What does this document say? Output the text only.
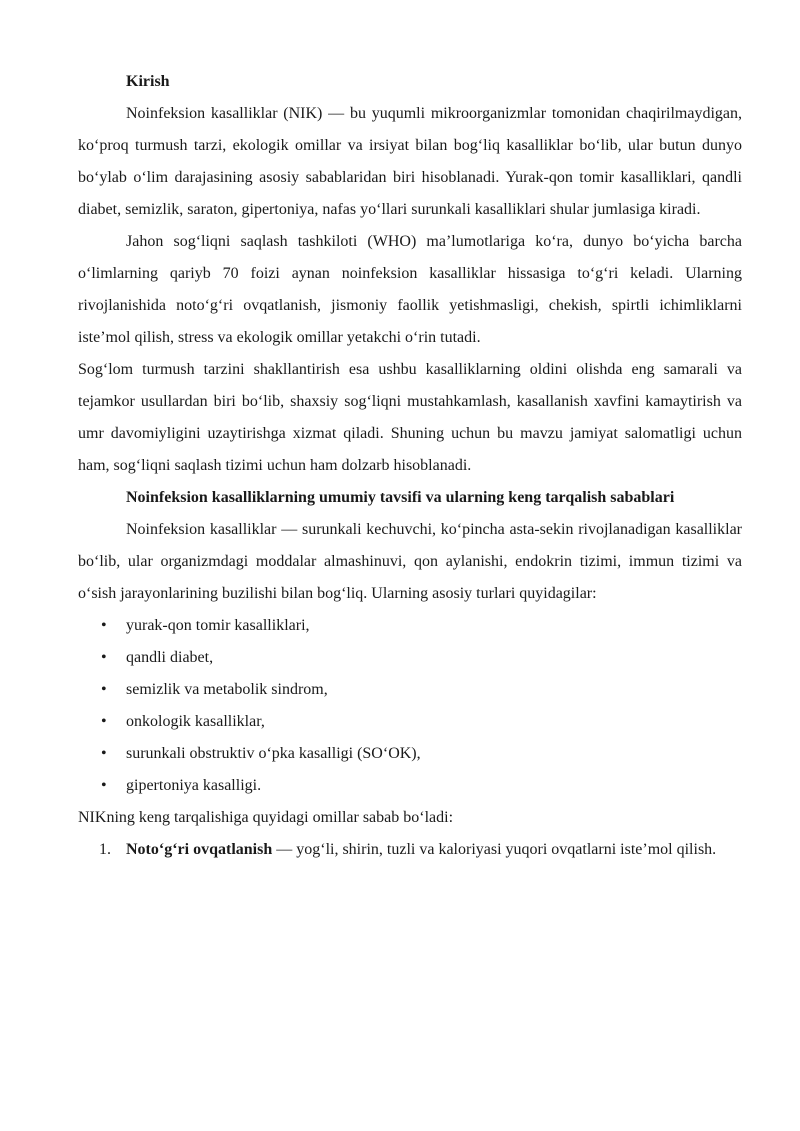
Kirish

Noinfeksion kasalliklar (NIK) — bu yuqumli mikroorganizmlar tomonidan chaqirilmaydigan, ko‘proq turmush tarzi, ekologik omillar va irsiyat bilan bog‘liq kasalliklar bo‘lib, ular butun dunyo bo‘ylab o‘lim darajasining asosiy sabablaridan biri hisoblanadi. Yurak-qon tomir kasalliklari, qandli diabet, semizlik, saraton, gipertoniya, nafas yo‘llari surunkali kasalliklari shular jumlasiga kiradi.

Jahon sog‘liqni saqlash tashkiloti (WHO) ma’lumotlariga ko‘ra, dunyo bo‘yicha barcha o‘limlarning qariyb 70 foizi aynan noinfeksion kasalliklar hissasiga to‘g‘ri keladi. Ularning rivojlanishida noto‘g‘ri ovqatlanish, jismoniy faollik yetishmasligi, chekish, spirtli ichimliklarni iste’mol qilish, stress va ekologik omillar yetakchi o‘rin tutadi.

Sog‘lom turmush tarzini shakllantirish esa ushbu kasalliklarning oldini olishda eng samarali va tejamkor usullardan biri bo‘lib, shaxsiy sog‘liqni mustahkamlash, kasallanish xavfini kamaytirish va umr davomiyligini uzaytirishga xizmat qiladi. Shuning uchun bu mavzu jamiyat salomatligi uchun ham, sog‘liqni saqlash tizimi uchun ham dolzarb hisoblanadi.

Noinfeksion kasalliklarning umumiy tavsifi va ularning keng tarqalish sabablari

Noinfeksion kasalliklar — surunkali kechuvchi, ko‘pincha asta-sekin rivojlanadigan kasalliklar bo‘lib, ular organizmdagi moddalar almashinuvi, qon aylanishi, endokrin tizimi, immun tizimi va o‘sish jarayonlarining buzilishi bilan bog‘liq. Ularning asosiy turlari quyidagilar:

• yurak-qon tomir kasalliklari,
• qandli diabet,
• semizlik va metabolik sindrom,
• onkologik kasalliklar,
• surunkali obstruktiv o‘pka kasalligi (SO‘OK),
• gipertoniya kasalligi.

NIKning keng tarqalishiga quyidagi omillar sabab bo‘ladi:

1. Noto‘g‘ri ovqatlanish — yog‘li, shirin, tuzli va kaloriyasi yuqori ovqatlarni iste’mol qilish.
